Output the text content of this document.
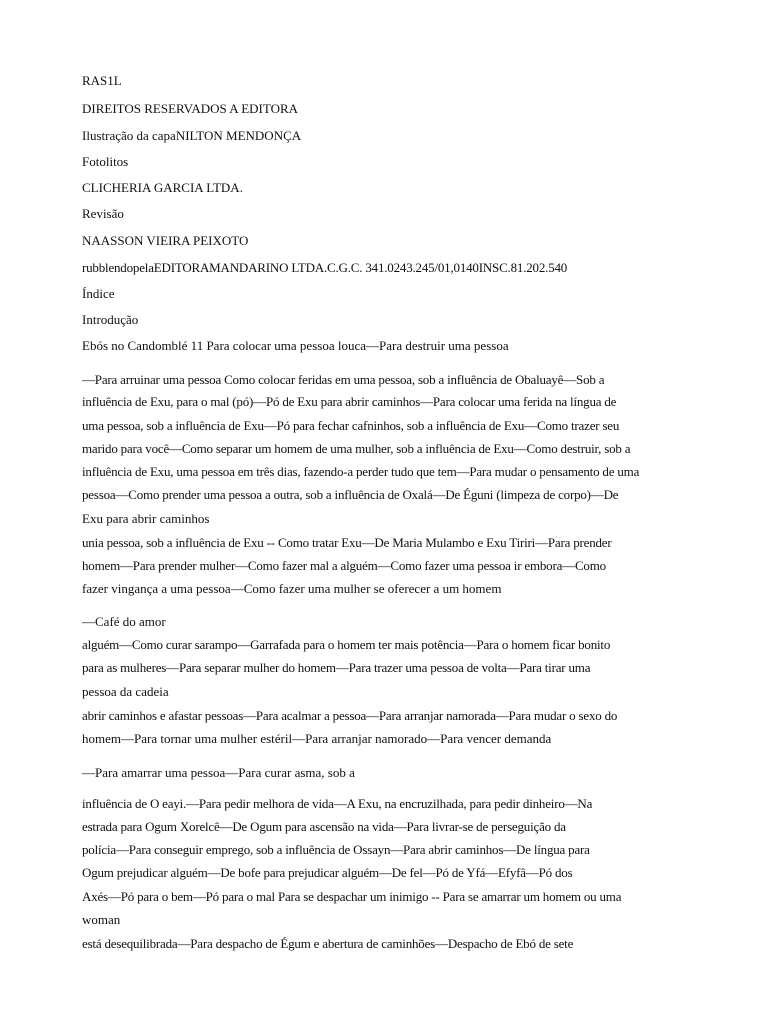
RAS1L

DIREITOS RESERVADOS A EDITORA

Ilustração da capaNILTON MENDONÇA

Fotolitos

CLICHERIA GARCIA LTDA.

Revisão

NAASSON VIEIRA PEIXOTO

rubblendopelaEDITORAMANDARINO LTDA.C.G.C. 341.0243.245/01,0140INSC.81.202.540

Índice

Introdução

Ebós no Candomblé 11 Para colocar uma pessoa louca—Para destruir uma pessoa

—Para arruinar uma pessoa Como colocar feridas em uma pessoa, sob a influência de Obaluayê—Sob a

influência de Exu, para o mal (pó)—Pó de Exu para abrir caminhos—Para colocar uma ferida na língua de

uma pessoa, sob a influência de Exu—Pó para fechar cafninhos, sob a influência de Exu—Como trazer seu

marido para você—Como separar um homem de uma mulher, sob a influência de Exu—Como destruir, sob a

influência de Exu, uma pessoa em três dias, fazendo-a perder tudo que tem—Para mudar o pensamento de uma

pessoa—Como prender uma pessoa a outra, sob a influência de Oxalá—De Éguni (limpeza de corpo)—De

Exu para abrir caminhos

unia pessoa, sob a influência de Exu -- Como tratar Exu—De Maria Mulambo e Exu Tiriri—Para prender

homem—Para prender mulher—Como fazer mal a alguém—Como fazer uma pessoa ir embora—Como

fazer vingança a uma pessoa—Como fazer uma mulher se oferecer a um homem

—Café do amor

alguém—Como curar sarampo—Garrafada para o homem ter mais potência—Para o homem ficar bonito

para as mulheres—Para separar mulher do homem—Para trazer uma pessoa de volta—Para tirar uma

pessoa da cadeia

abrir caminhos e afastar pessoas—Para acalmar a pessoa—Para arranjar namorada—Para mudar o sexo do

homem—Para tornar uma mulher estéril—Para arranjar namorado—Para vencer demanda

—Para amarrar uma pessoa—Para curar asma, sob a

influência de O eayi.—Para pedir melhora de vida—A Exu, na encruzilhada, para pedir dinheiro—Na

estrada para Ogum Xorelcê—De Ogum para ascensão na vida—Para livrar-se de perseguição da

polícia—Para conseguir emprego, sob a influência de Ossayn—Para abrir caminhos—De língua para

Ogum prejudicar alguém—De bofe para prejudicar alguém—De fel—Pó de Yfá—Efyfâ—Pó dos

Axés—Pó para o bem—Pó para o mal Para se despachar um inimigo -- Para se amarrar um homem ou uma

woman

está desequilibrada—Para despacho de Égum e abertura de caminhões—Despacho de Ebó de sete
